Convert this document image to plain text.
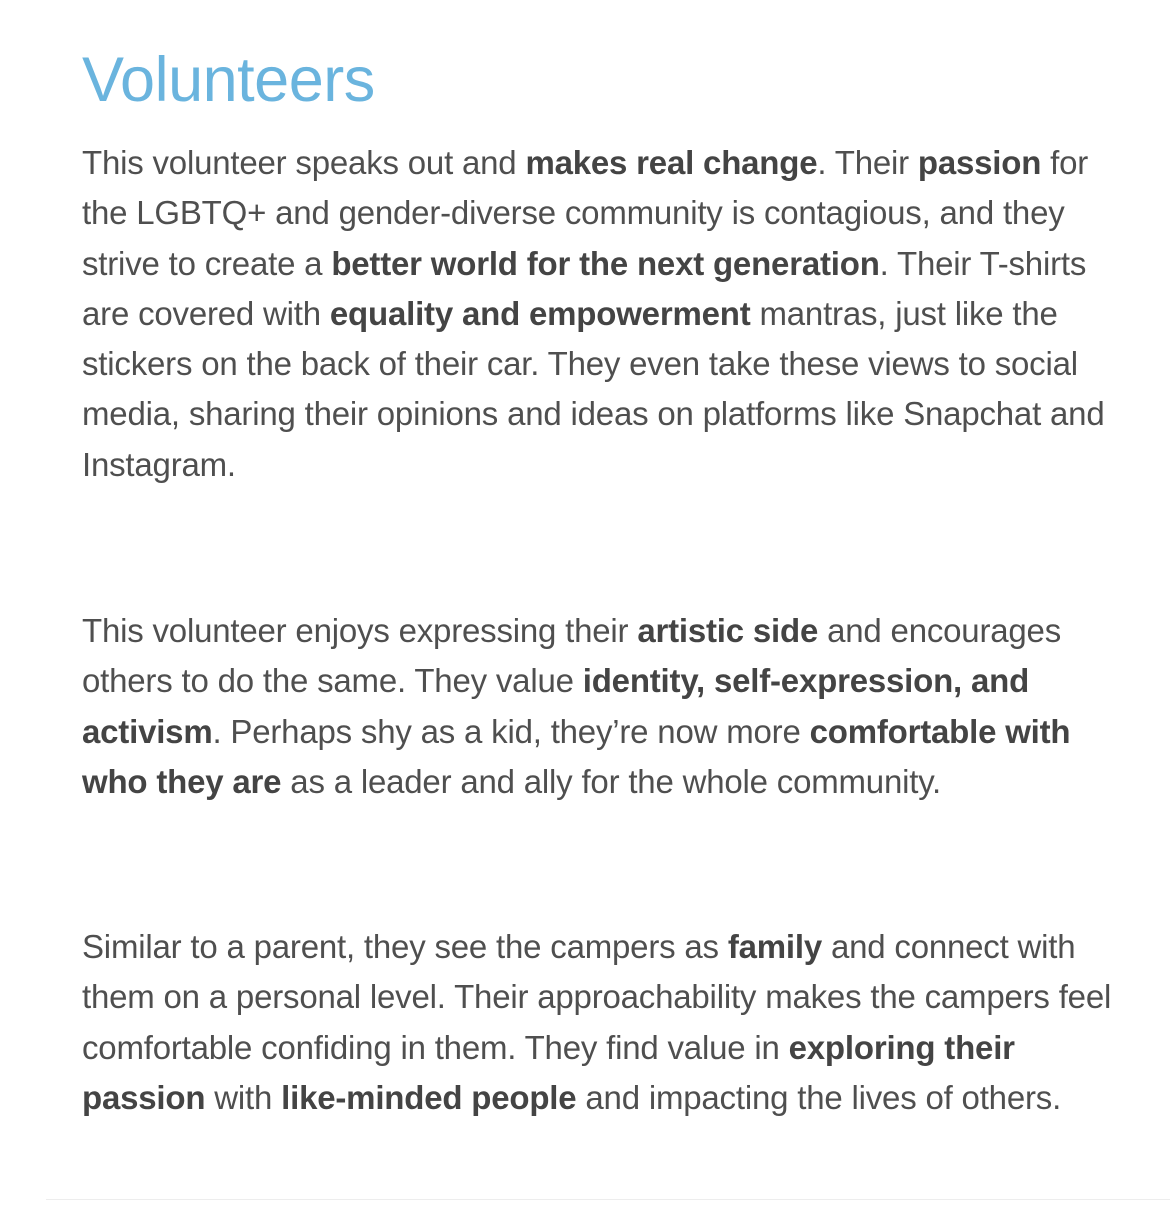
Volunteers

This volunteer speaks out and makes real change. Their passion for the LGBTQ+ and gender-diverse community is contagious, and they strive to create a better world for the next generation. Their T-shirts are covered with equality and empowerment mantras, just like the stickers on the back of their car. They even take these views to social media, sharing their opinions and ideas on platforms like Snapchat and Instagram.

This volunteer enjoys expressing their artistic side and encourages others to do the same. They value identity, self-expression, and activism. Perhaps shy as a kid, they’re now more comfortable with who they are as a leader and ally for the whole community.

Similar to a parent, they see the campers as family and connect with them on a personal level. Their approachability makes the campers feel comfortable confiding in them. They find value in exploring their passion with like-minded people and impacting the lives of others.
